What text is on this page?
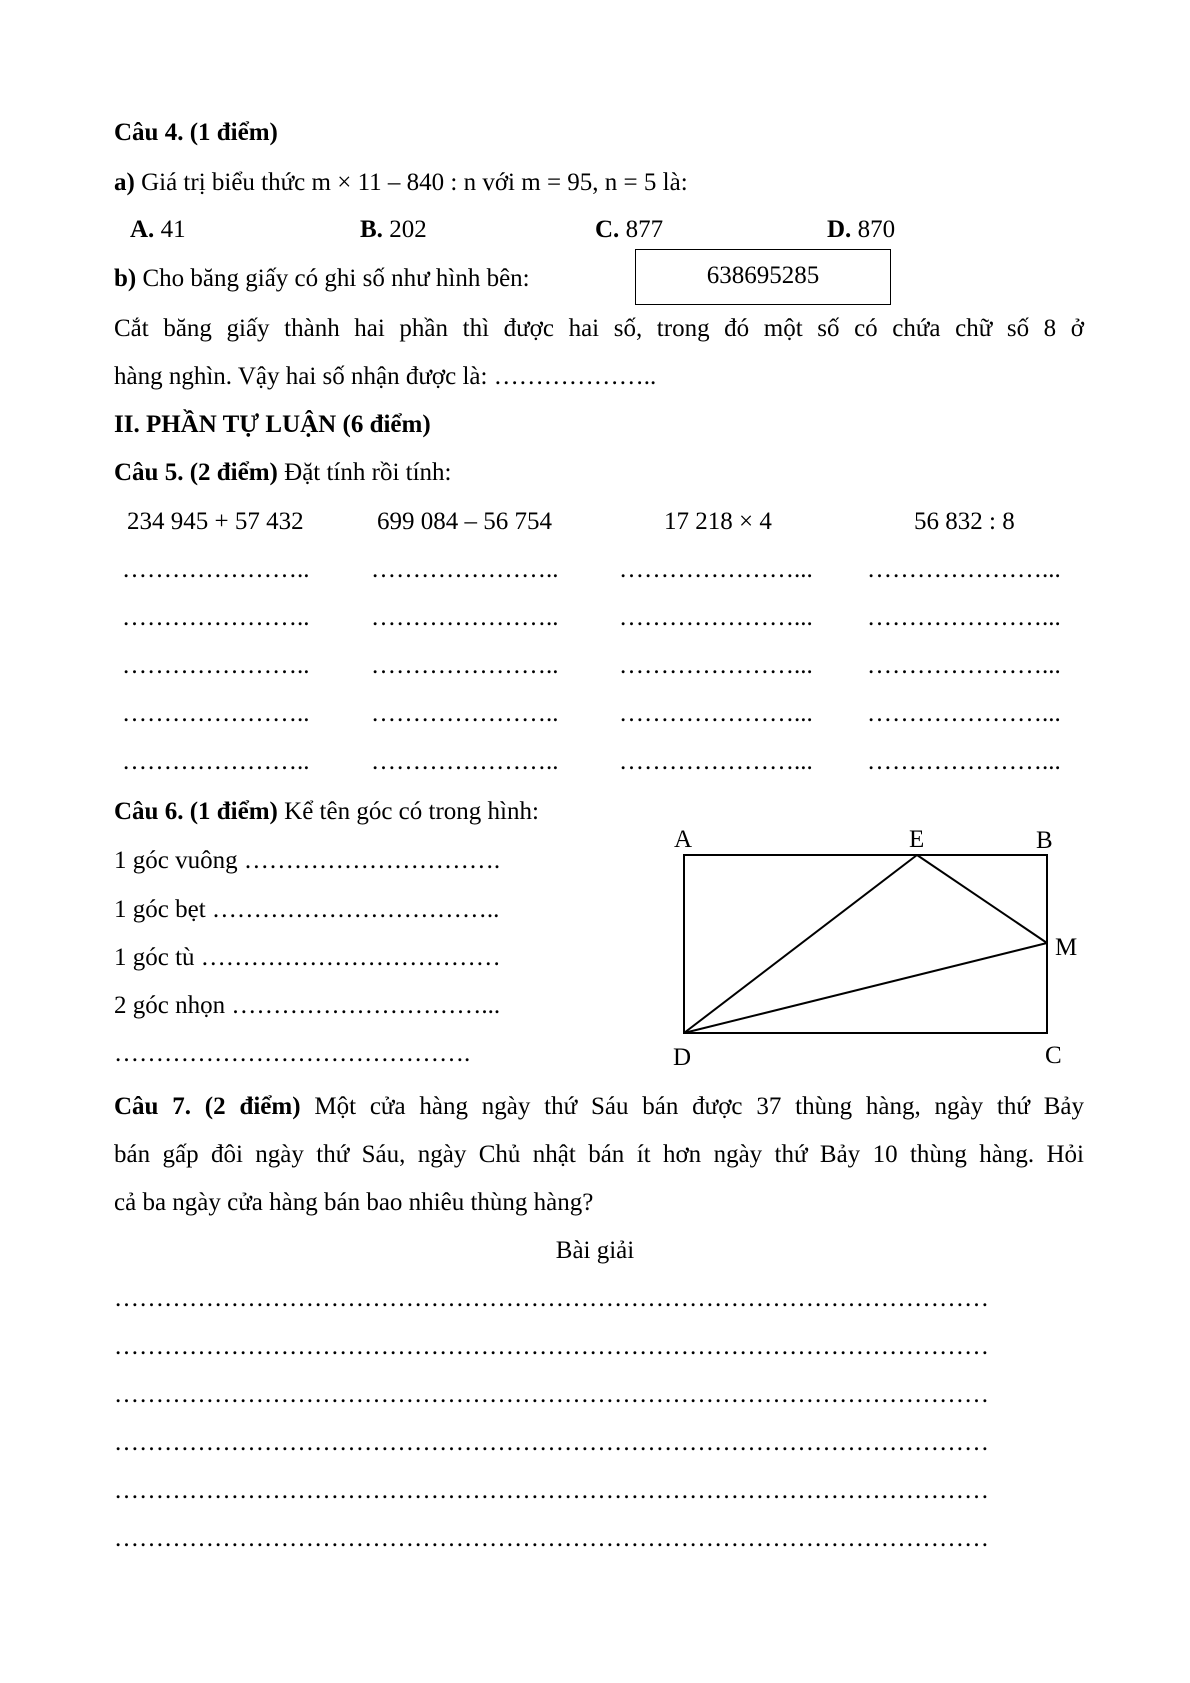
Câu 4. (1 điểm)
a) Giá trị biểu thức m × 11 – 840 : n với m = 95, n = 5 là:
A. 41	B. 202	C. 877	D. 870
b) Cho băng giấy có ghi số như hình bên:	638695285
Cắt băng giấy thành hai phần thì được hai số, trong đó một số có chứa chữ số 8 ở
hàng nghìn. Vậy hai số nhận được là: ………………..
II. PHẦN TỰ LUẬN (6 điểm)
Câu 5. (2 điểm) Đặt tính rồi tính:
234 945 + 57 432	699 084 – 56 754	17 218 × 4	56 832 : 8
………………….. ………………….. …………………... …………………...
………………….. ………………….. …………………... …………………...
………………….. ………………….. …………………... …………………...
………………….. ………………….. …………………... …………………...
………………….. ………………….. …………………... …………………...
Câu 6. (1 điểm) Kể tên góc có trong hình:
1 góc vuông ………………………….
1 góc bẹt ……………………………..
1 góc tù ………………………………
2 góc nhọn …………………………...
…………………………………….
A	E	B
M
D	C
Câu 7. (2 điểm) Một cửa hàng ngày thứ Sáu bán được 37 thùng hàng, ngày thứ Bảy
bán gấp đôi ngày thứ Sáu, ngày Chủ nhật bán ít hơn ngày thứ Bảy 10 thùng hàng. Hỏi
cả ba ngày cửa hàng bán bao nhiêu thùng hàng?
Bài giải
……………………………………………………………………………………………
……………………………………………………………………………………………
……………………………………………………………………………………………
……………………………………………………………………………………………
……………………………………………………………………………………………
……………………………………………………………………………………………
